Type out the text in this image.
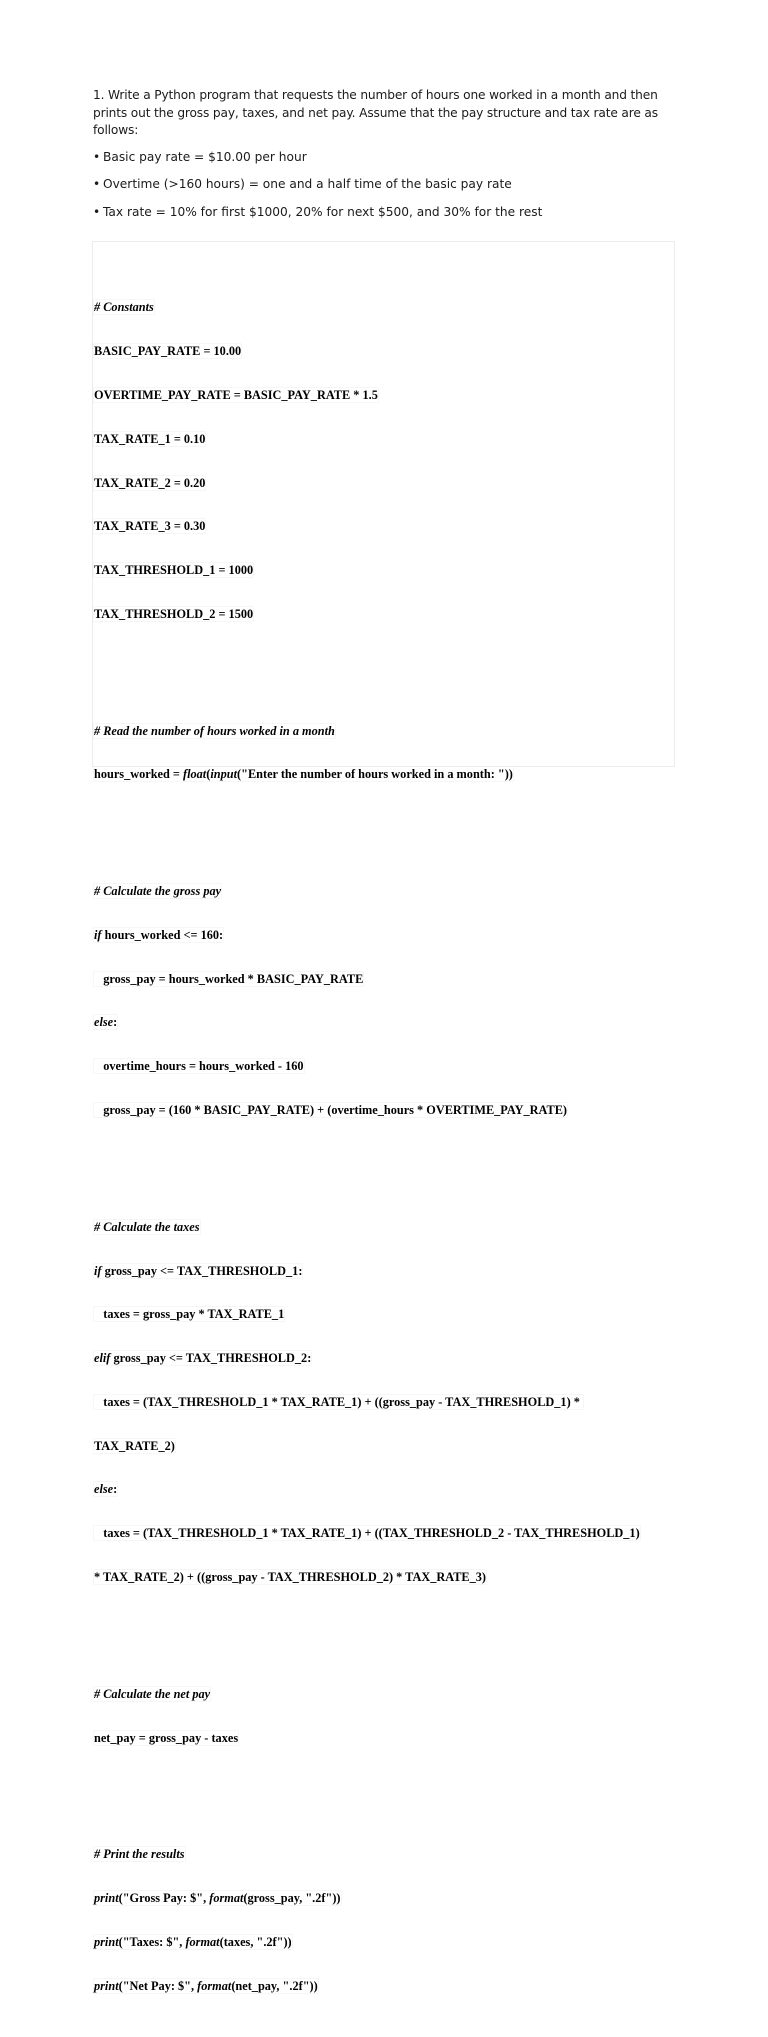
1. Write a Python program that requests the number of hours one worked in a month and then prints out the gross pay, taxes, and net pay. Assume that the pay structure and tax rate are as follows:

• Basic pay rate = $10.00 per hour

• Overtime (>160 hours) = one and a half time of the basic pay rate

• Tax rate = 10% for first $1000, 20% for next $500, and 30% for the rest

# Constants

BASIC_PAY_RATE = 10.00

OVERTIME_PAY_RATE = BASIC_PAY_RATE * 1.5

TAX_RATE_1 = 0.10

TAX_RATE_2 = 0.20

TAX_RATE_3 = 0.30

TAX_THRESHOLD_1 = 1000

TAX_THRESHOLD_2 = 1500

# Read the number of hours worked in a month

hours_worked = float(input("Enter the number of hours worked in a month: "))

# Calculate the gross pay

if hours_worked <= 160:

gross_pay = hours_worked * BASIC_PAY_RATE

else:

overtime_hours = hours_worked - 160

gross_pay = (160 * BASIC_PAY_RATE) + (overtime_hours * OVERTIME_PAY_RATE)

# Calculate the taxes

if gross_pay <= TAX_THRESHOLD_1:

taxes = gross_pay * TAX_RATE_1

elif gross_pay <= TAX_THRESHOLD_2:

taxes = (TAX_THRESHOLD_1 * TAX_RATE_1) + ((gross_pay - TAX_THRESHOLD_1) *

TAX_RATE_2)

else:

taxes = (TAX_THRESHOLD_1 * TAX_RATE_1) + ((TAX_THRESHOLD_2 - TAX_THRESHOLD_1)

* TAX_RATE_2) + ((gross_pay - TAX_THRESHOLD_2) * TAX_RATE_3)

# Calculate the net pay

net_pay = gross_pay - taxes

# Print the results

print("Gross Pay: $", format(gross_pay, ".2f"))

print("Taxes: $", format(taxes, ".2f"))

print("Net Pay: $", format(net_pay, ".2f"))
